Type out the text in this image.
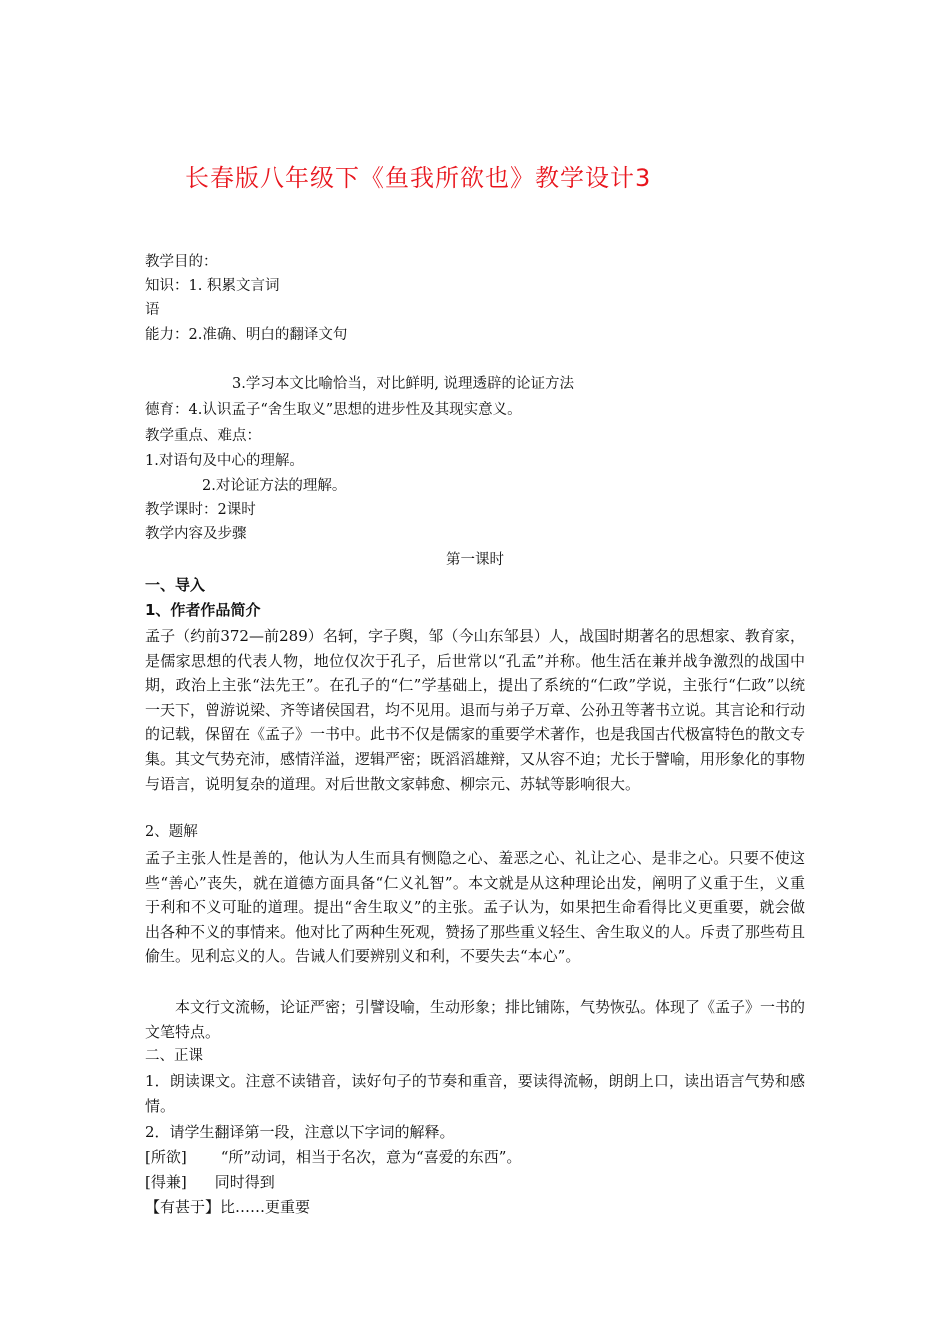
长春版八年级下《鱼我所欲也》教学设计3
教学目的：
知识：1. 积累文言词
语
能力：2.准确、明白的翻译文句
3.学习本文比喻恰当，对比鲜明, 说理透辟的论证方法
德育：4.认识孟子“舍生取义”思想的进步性及其现实意义。
教学重点、难点：
1.对语句及中心的理解。
2.对论证方法的理解。
教学课时：2课时
教学内容及步骤
第一课时
一、导入
1、作者作品简介
孟子（约前372—前289）名轲，字子舆，邹（今山东邹县）人，战国时期著名的思想家、教育家，是儒家思想的代表人物，地位仅次于孔子，后世常以“孔孟”并称。他生活在兼并战争激烈的战国中期，政治上主张“法先王”。在孔子的“仁”学基础上，提出了系统的“仁政”学说，主张行“仁政”以统一天下，曾游说梁、齐等诸侯国君，均不见用。退而与弟子万章、公孙丑等著书立说。其言论和行动的记载，保留在《孟子》一书中。此书不仅是儒家的重要学术著作，也是我国古代极富特色的散文专集。其文气势充沛，感情洋溢，逻辑严密；既滔滔雄辩，又从容不迫；尤长于譬喻，用形象化的事物与语言，说明复杂的道理。对后世散文家韩愈、柳宗元、苏轼等影响很大。
2、题解
孟子主张人性是善的，他认为人生而具有恻隐之心、羞恶之心、礼让之心、是非之心。只要不使这些“善心”丧失，就在道德方面具备“仁义礼智”。本文就是从这种理论出发，阐明了义重于生，义重于利和不义可耻的道理。提出“舍生取义”的主张。孟子认为，如果把生命看得比义更重要，就会做出各种不义的事情来。他对比了两种生死观，赞扬了那些重义轻生、舍生取义的人。斥责了那些苟且偷生。见利忘义的人。告诫人们要辨别义和利，不要失去“本心”。
本文行文流畅，论证严密；引譬设喻，生动形象；排比铺陈，气势恢弘。体现了《孟子》一书的文笔特点。
二、正课
1．朗读课文。注意不读错音，读好句子的节奏和重音，要读得流畅，朗朗上口，读出语言气势和感情。
2．请学生翻译第一段，注意以下字词的解释。
[所欲] “所”动词，相当于名次，意为“喜爱的东西”。
[得兼] 同时得到
【有甚于】比……更重要
